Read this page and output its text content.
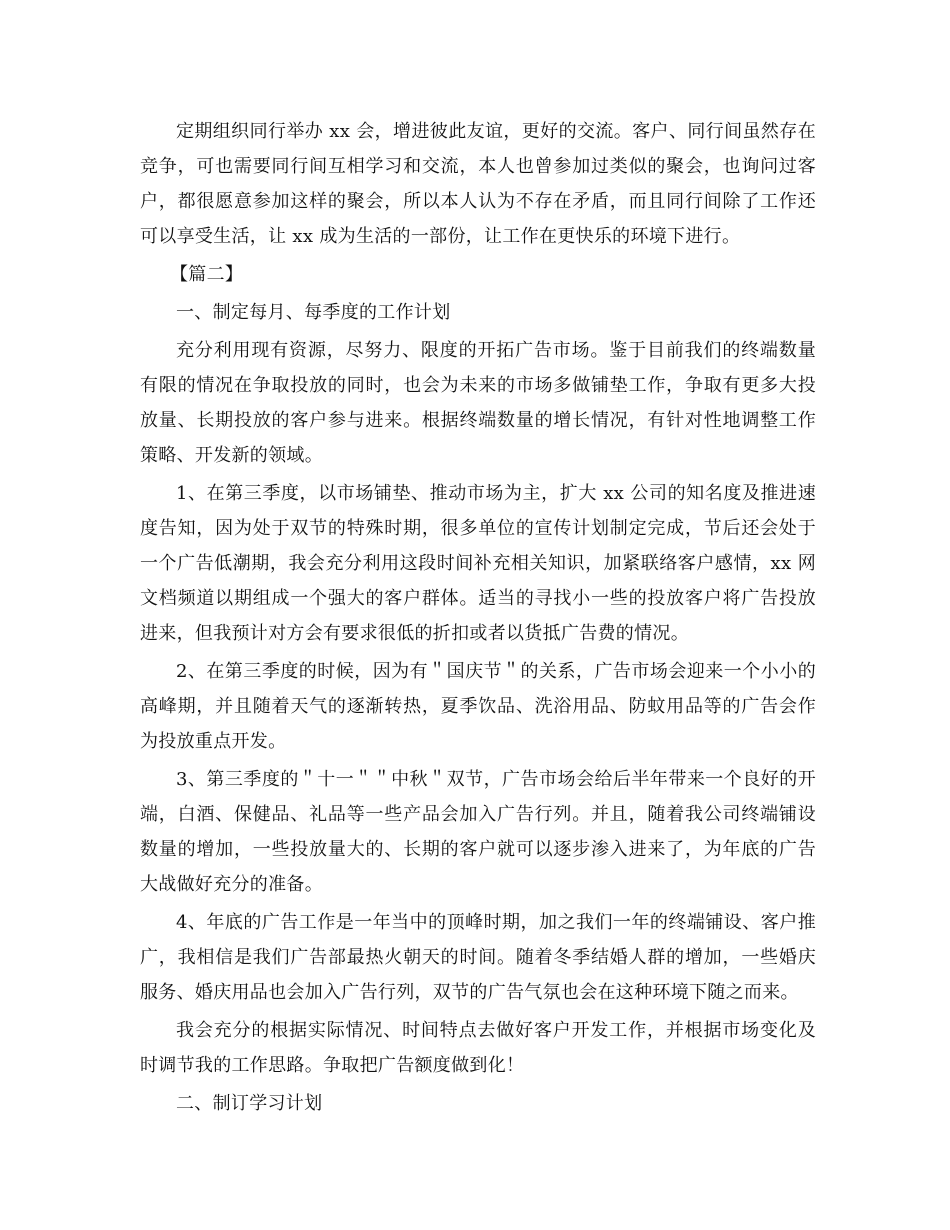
定期组织同行举办 xx 会，增进彼此友谊，更好的交流。客户、同行间虽然存在竞争，可也需要同行间互相学习和交流，本人也曾参加过类似的聚会，也询问过客户，都很愿意参加这样的聚会，所以本人认为不存在矛盾，而且同行间除了工作还可以享受生活，让 xx 成为生活的一部份，让工作在更快乐的环境下进行。

【篇二】

一、制定每月、每季度的工作计划

充分利用现有资源，尽努力、限度的开拓广告市场。鉴于目前我们的终端数量有限的情况在争取投放的同时，也会为未来的市场多做铺垫工作，争取有更多大投放量、长期投放的客户参与进来。根据终端数量的增长情况，有针对性地调整工作策略、开发新的领域。

1、在第三季度，以市场铺垫、推动市场为主，扩大 xx 公司的知名度及推进速度告知，因为处于双节的特殊时期，很多单位的宣传计划制定完成，节后还会处于一个广告低潮期，我会充分利用这段时间补充相关知识，加紧联络客户感情，xx 网文档频道以期组成一个强大的客户群体。适当的寻找小一些的投放客户将广告投放进来，但我预计对方会有要求很低的折扣或者以货抵广告费的情况。

2、在第三季度的时候，因为有＂国庆节＂的关系，广告市场会迎来一个小小的高峰期，并且随着天气的逐渐转热，夏季饮品、洗浴用品、防蚊用品等的广告会作为投放重点开发。

3、第三季度的＂十一＂＂中秋＂双节，广告市场会给后半年带来一个良好的开端，白酒、保健品、礼品等一些产品会加入广告行列。并且，随着我公司终端铺设数量的增加，一些投放量大的、长期的客户就可以逐步渗入进来了，为年底的广告大战做好充分的准备。

4、年底的广告工作是一年当中的顶峰时期，加之我们一年的终端铺设、客户推广，我相信是我们广告部最热火朝天的时间。随着冬季结婚人群的增加，一些婚庆服务、婚庆用品也会加入广告行列，双节的广告气氛也会在这种环境下随之而来。

我会充分的根据实际情况、时间特点去做好客户开发工作，并根据市场变化及时调节我的工作思路。争取把广告额度做到化！

二、制订学习计划
